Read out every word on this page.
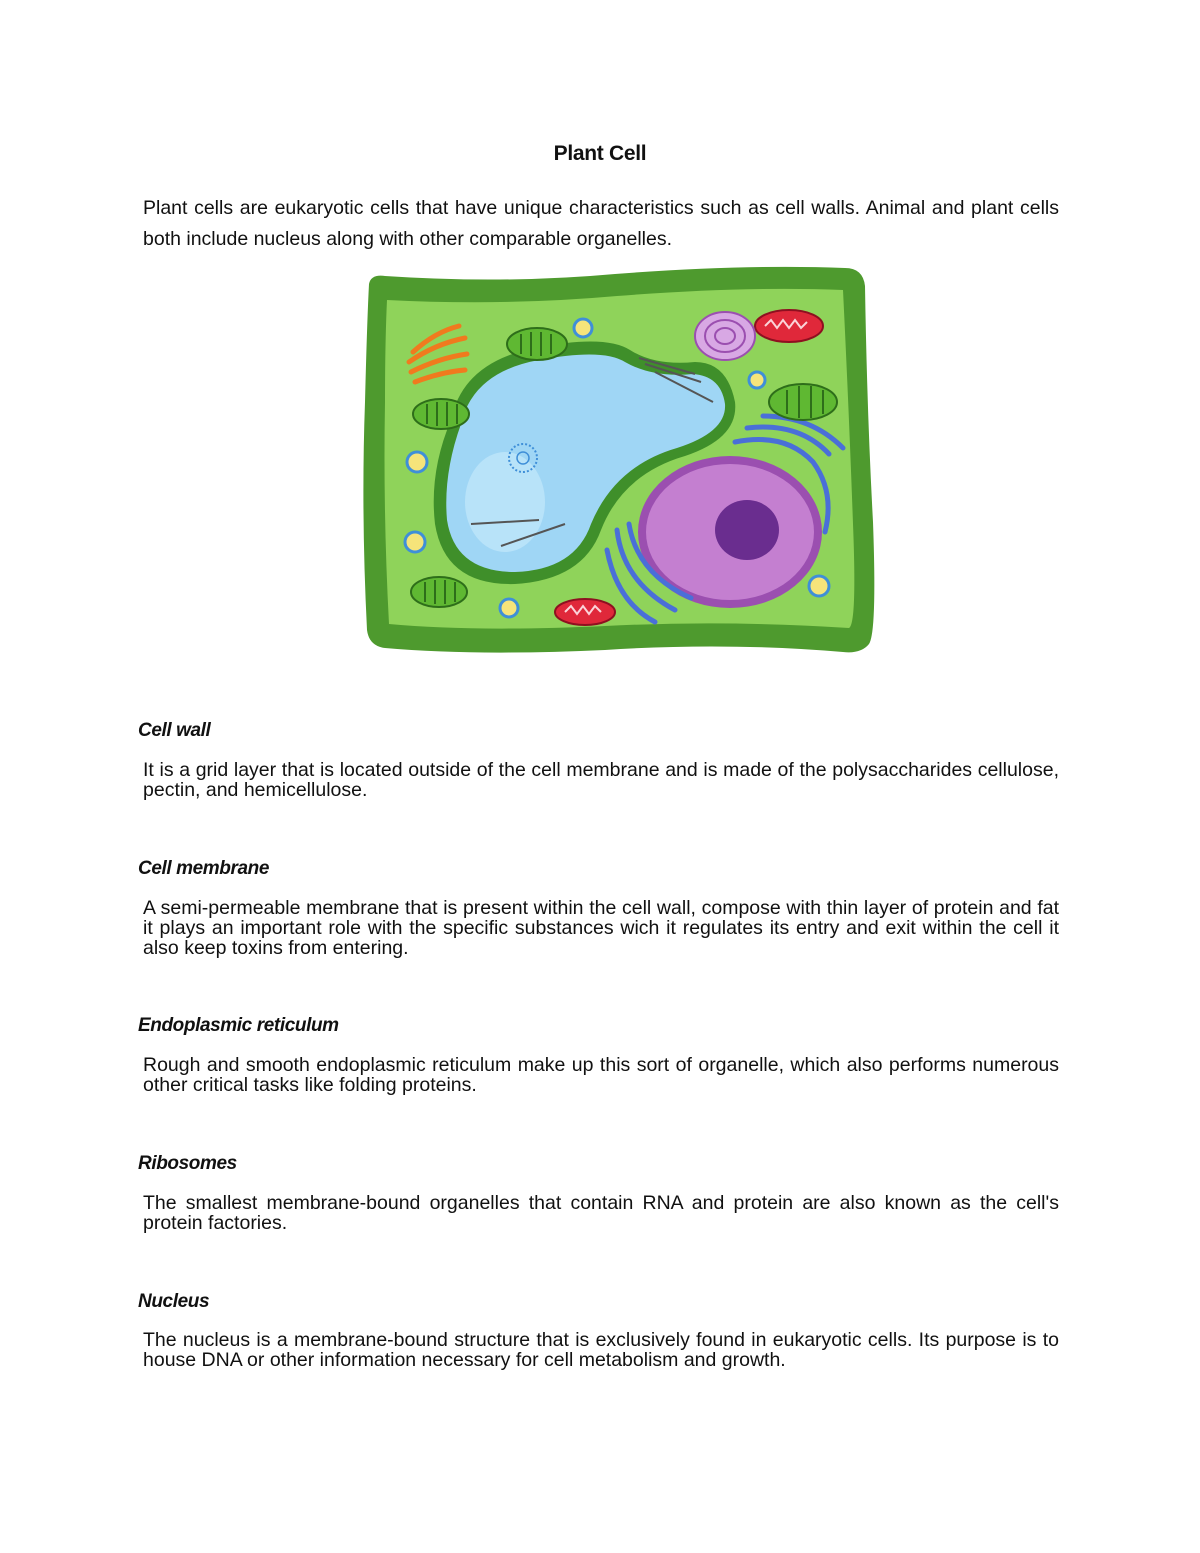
Plant Cell
Plant cells are eukaryotic cells that have unique characteristics such as cell walls. Animal and plant cells both include nucleus along with other comparable organelles.
Cell wall
It is a grid layer that is located outside of the cell membrane and is made of the polysaccharides cellulose, pectin, and hemicellulose.
Cell membrane
A semi-permeable membrane that is present within the cell wall, compose with thin layer of protein and fat it plays an important role with the specific substances wich it regulates its entry and exit within the cell it also keep toxins from entering.
Endoplasmic reticulum
Rough and smooth endoplasmic reticulum make up this sort of organelle, which also performs numerous other critical tasks like folding proteins.
Ribosomes
The smallest membrane-bound organelles that contain RNA and protein are also known as the cell's protein factories.
Nucleus
The nucleus is a membrane-bound structure that is exclusively found in eukaryotic cells. Its purpose is to house DNA or other information necessary for cell metabolism and growth.
